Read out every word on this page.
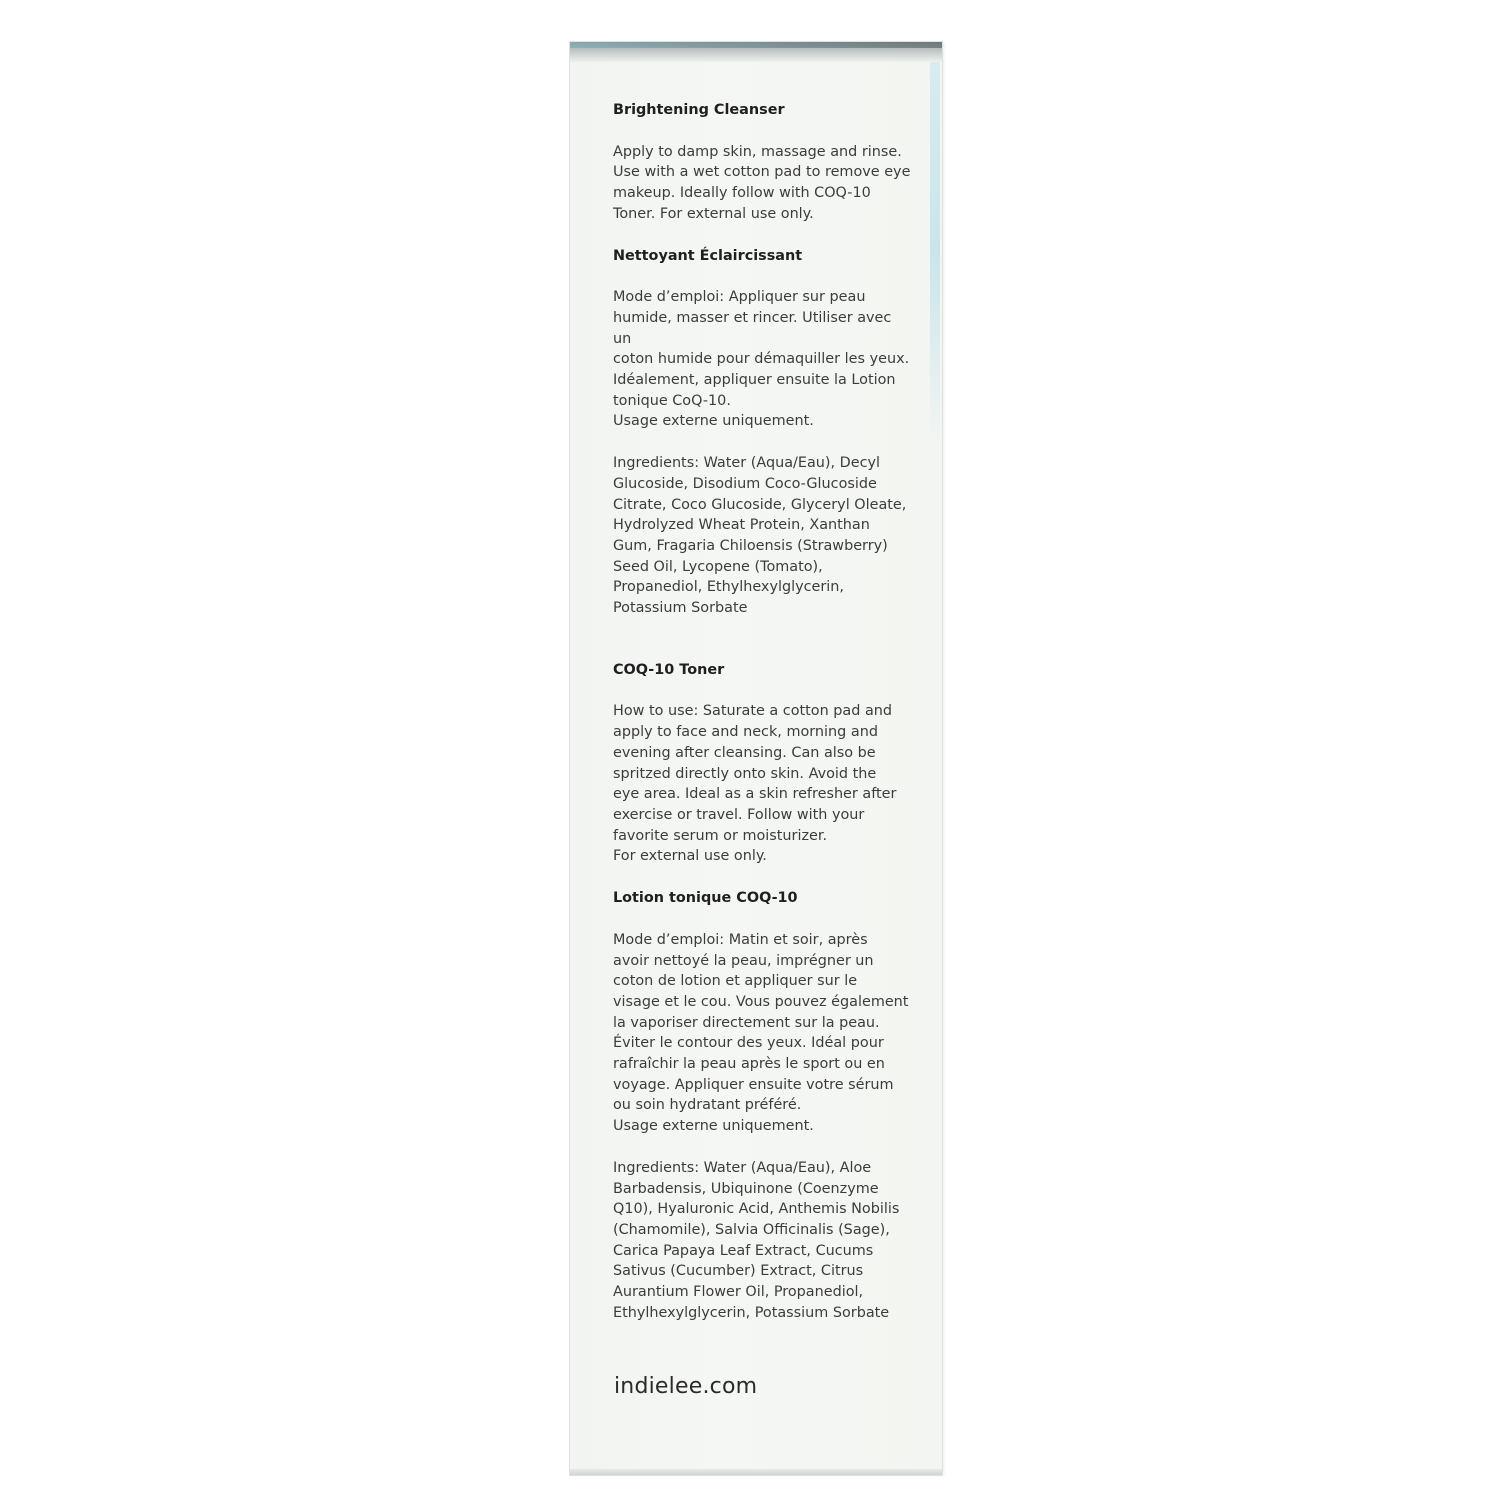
Brightening Cleanser

Apply to damp skin, massage and rinse.
Use with a wet cotton pad to remove eye
makeup. Ideally follow with COQ-10
Toner. For external use only.

Nettoyant Éclaircissant

Mode d’emploi: Appliquer sur peau
humide, masser et rincer. Utiliser avec un
coton humide pour démaquiller les yeux.
Idéalement, appliquer ensuite la Lotion
tonique CoQ-10.
Usage externe uniquement.

Ingredients: Water (Aqua/Eau), Decyl
Glucoside, Disodium Coco-Glucoside
Citrate, Coco Glucoside, Glyceryl Oleate,
Hydrolyzed Wheat Protein, Xanthan
Gum, Fragaria Chiloensis (Strawberry)
Seed Oil, Lycopene (Tomato),
Propanediol, Ethylhexylglycerin,
Potassium Sorbate

COQ-10 Toner

How to use: Saturate a cotton pad and
apply to face and neck, morning and
evening after cleansing. Can also be
spritzed directly onto skin. Avoid the
eye area. Ideal as a skin refresher after
exercise or travel. Follow with your
favorite serum or moisturizer.
For external use only.

Lotion tonique COQ-10

Mode d’emploi: Matin et soir, après
avoir nettoyé la peau, imprégner un
coton de lotion et appliquer sur le
visage et le cou. Vous pouvez également
la vaporiser directement sur la peau.
Éviter le contour des yeux. Idéal pour
rafraîchir la peau après le sport ou en
voyage. Appliquer ensuite votre sérum
ou soin hydratant préféré.
Usage externe uniquement.

Ingredients: Water (Aqua/Eau), Aloe
Barbadensis, Ubiquinone (Coenzyme
Q10), Hyaluronic Acid, Anthemis Nobilis
(Chamomile), Salvia Officinalis (Sage),
Carica Papaya Leaf Extract, Cucums
Sativus (Cucumber) Extract, Citrus
Aurantium Flower Oil, Propanediol,
Ethylhexylglycerin, Potassium Sorbate

indielee.com
